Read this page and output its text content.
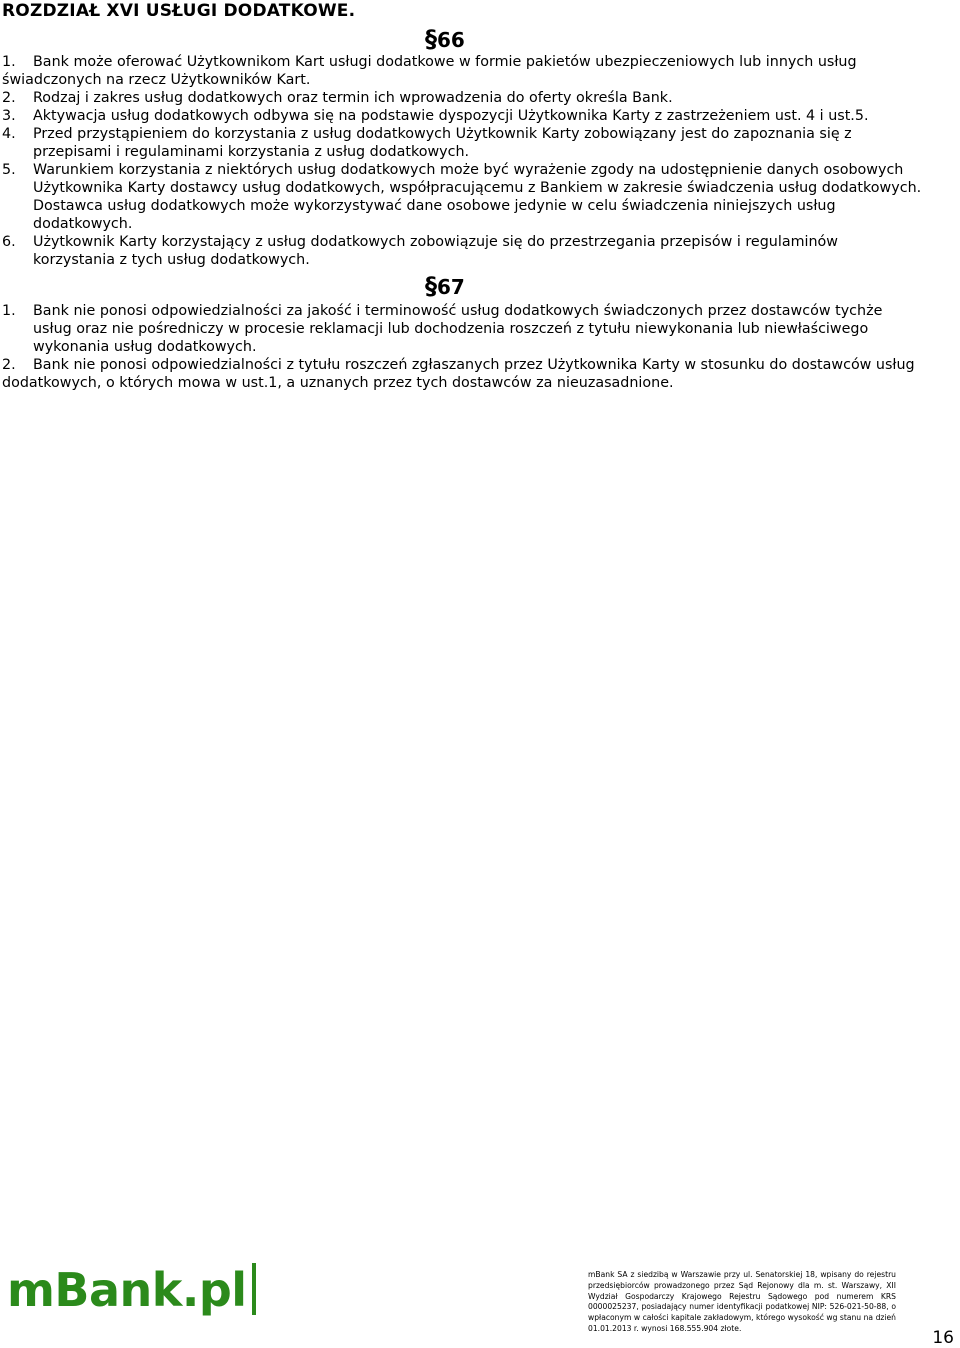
ROZDZIAŁ XVI USŁUGI DODATKOWE.
§66
1.	Bank może oferować Użytkownikom Kart usługi dodatkowe w formie pakietów ubezpieczeniowych lub innych usług świadczonych na rzecz Użytkowników Kart.
2.	Rodzaj i zakres usług dodatkowych oraz termin ich wprowadzenia do oferty określa Bank.
3.	Aktywacja usług dodatkowych odbywa się na podstawie dyspozycji Użytkownika Karty z zastrzeżeniem ust. 4 i ust.5.
4.	Przed przystąpieniem do korzystania z usług dodatkowych Użytkownik Karty zobowiązany jest do zapoznania się z przepisami i regulaminami korzystania z usług dodatkowych.
5.	Warunkiem korzystania z niektórych usług dodatkowych może być wyrażenie zgody na udostępnienie danych osobowych Użytkownika Karty dostawcy usług dodatkowych, współpracującemu z Bankiem w zakresie świadczenia usług dodatkowych. Dostawca usług dodatkowych może wykorzystywać dane osobowe jedynie w celu świadczenia niniejszych usług dodatkowych.
6.	Użytkownik Karty korzystający z usług dodatkowych zobowiązuje się do przestrzegania przepisów i regulaminów korzystania z tych usług dodatkowych.
§67
1.	Bank nie ponosi odpowiedzialności za jakość i terminowość usług dodatkowych świadczonych przez dostawców tychże usług oraz nie pośredniczy w procesie reklamacji lub dochodzenia roszczeń z tytułu niewykonania lub niewłaściwego wykonania usług dodatkowych.
2.	Bank nie ponosi odpowiedzialności z tytułu roszczeń zgłaszanych przez Użytkownika Karty w stosunku do dostawców usług dodatkowych, o których mowa w ust.1, a uznanych przez tych dostawców za nieuzasadnione.
mBank.pl	mBank SA z siedzibą w Warszawie przy ul. Senatorskiej 18, wpisany do rejestru przedsiębiorców prowadzonego przez Sąd Rejonowy dla m. st. Warszawy, XII Wydział Gospodarczy Krajowego Rejestru Sądowego pod numerem KRS 0000025237, posiadający numer identyfikacji podatkowej NIP: 526-021-50-88, o wpłaconym w całości kapitale zakładowym, którego wysokość wg stanu na dzień 01.01.2013 r. wynosi 168.555.904 złote.	16
